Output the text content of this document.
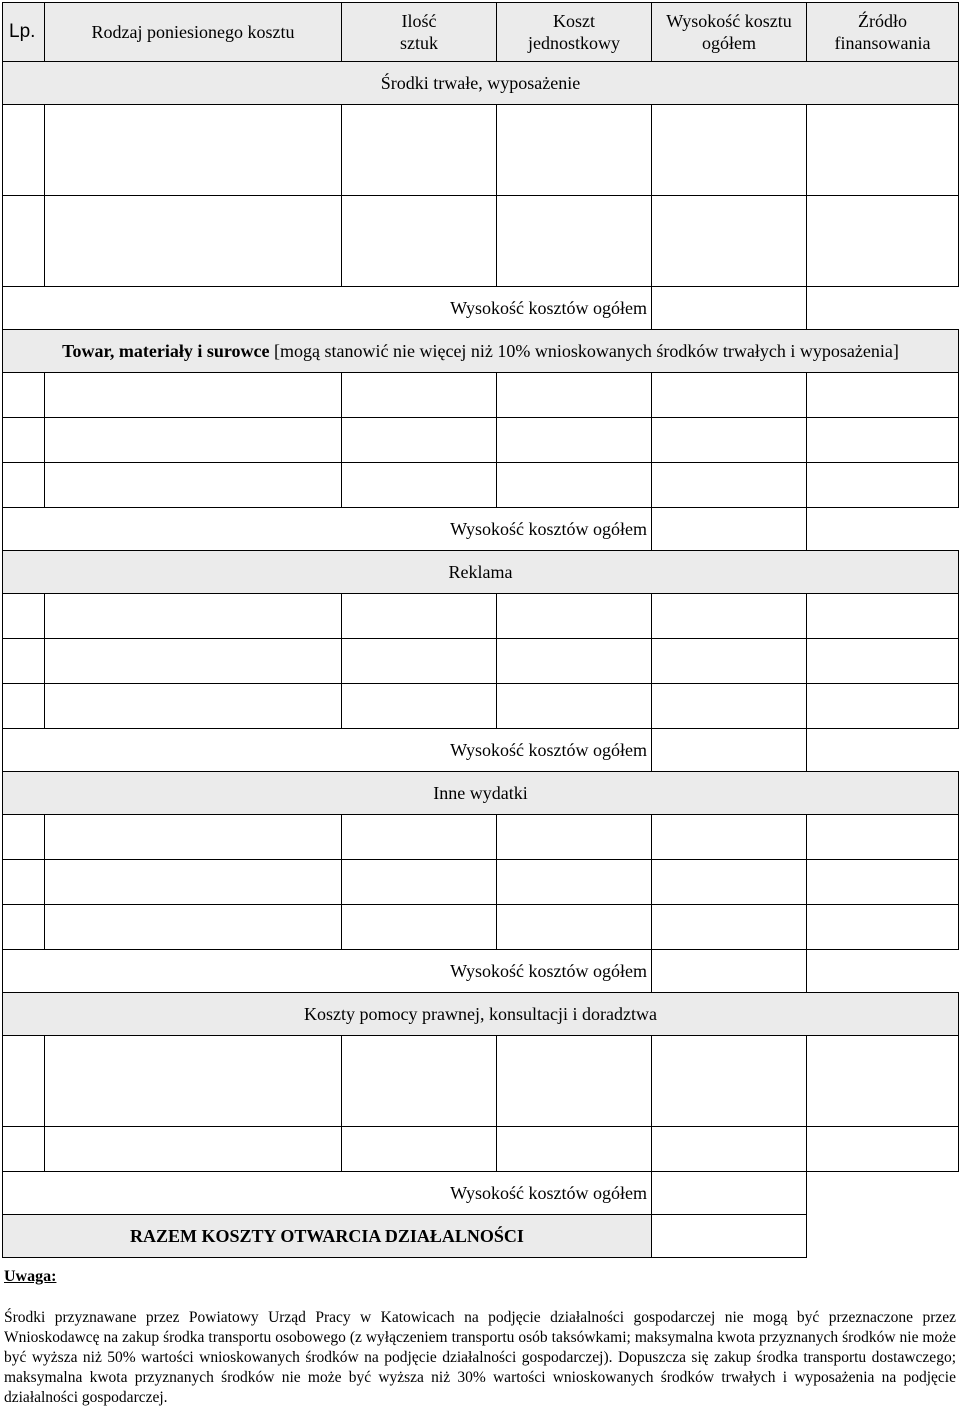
Lp.	Rodzaj poniesionego kosztu	Ilość sztuk	Koszt jednostkowy	Wysokość kosztu ogółem	Źródło finansowania
Środki trwałe, wyposażenie					

Wysokość kosztów ogółem					
Towar, materiały i surowce [mogą stanowić nie więcej niż 10% wnioskowanych środków trwałych i wyposażenia]					

Wysokość kosztów ogółem					
Reklama					

Wysokość kosztów ogółem					
Inne wydatki					

Wysokość kosztów ogółem					
Koszty pomocy prawnej, konsultacji i doradztwa					

Wysokość kosztów ogółem					
RAZEM KOSZTY OTWARCIA DZIAŁALNOŚCI					
Uwaga:
Środki przyznawane przez Powiatowy Urząd Pracy w Katowicach na podjęcie działalności gospodarczej nie mogą być przeznaczone przez Wnioskodawcę na zakup środka transportu osobowego (z wyłączeniem transportu osób taksówkami; maksymalna kwota przyznanych środków nie może być wyższa niż 50% wartości wnioskowanych środków na podjęcie działalności gospodarczej). Dopuszcza się zakup środka transportu dostawczego; maksymalna kwota przyznanych środków nie może być wyższa niż 30% wartości wnioskowanych środków trwałych i wyposażenia na podjęcie działalności gospodarczej.
